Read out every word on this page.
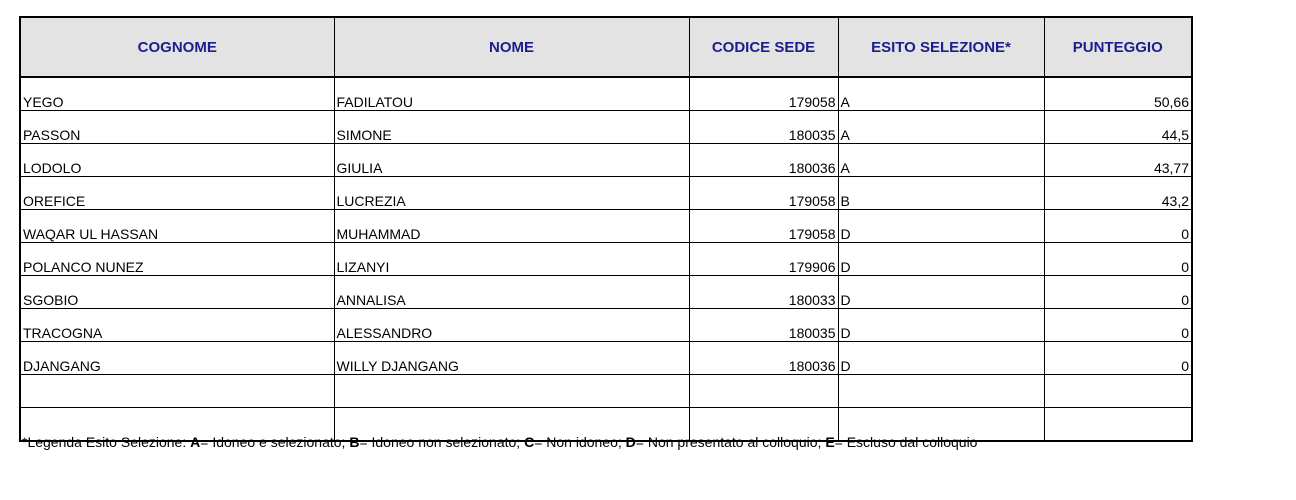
COGNOME	NOME	CODICE SEDE	ESITO SELEZIONE*	PUNTEGGIO
YEGO	FADILATOU	179058	A	50,66
PASSON	SIMONE	180035	A	44,5
LODOLO	GIULIA	180036	A	43,77
OREFICE	LUCREZIA	179058	B	43,2
WAQAR UL HASSAN	MUHAMMAD	179058	D	0
POLANCO NUNEZ	LIZANYI	179906	D	0
SGOBIO	ANNALISA	180033	D	0
TRACOGNA	ALESSANDRO	180035	D	0
DJANGANG	WILLY DJANGANG	180036	D	0

*Legenda Esito Selezione: A= Idoneo e selezionato; B= Idoneo non selezionato; C= Non idoneo; D= Non presentato al colloquio; E= Escluso dal colloquio
